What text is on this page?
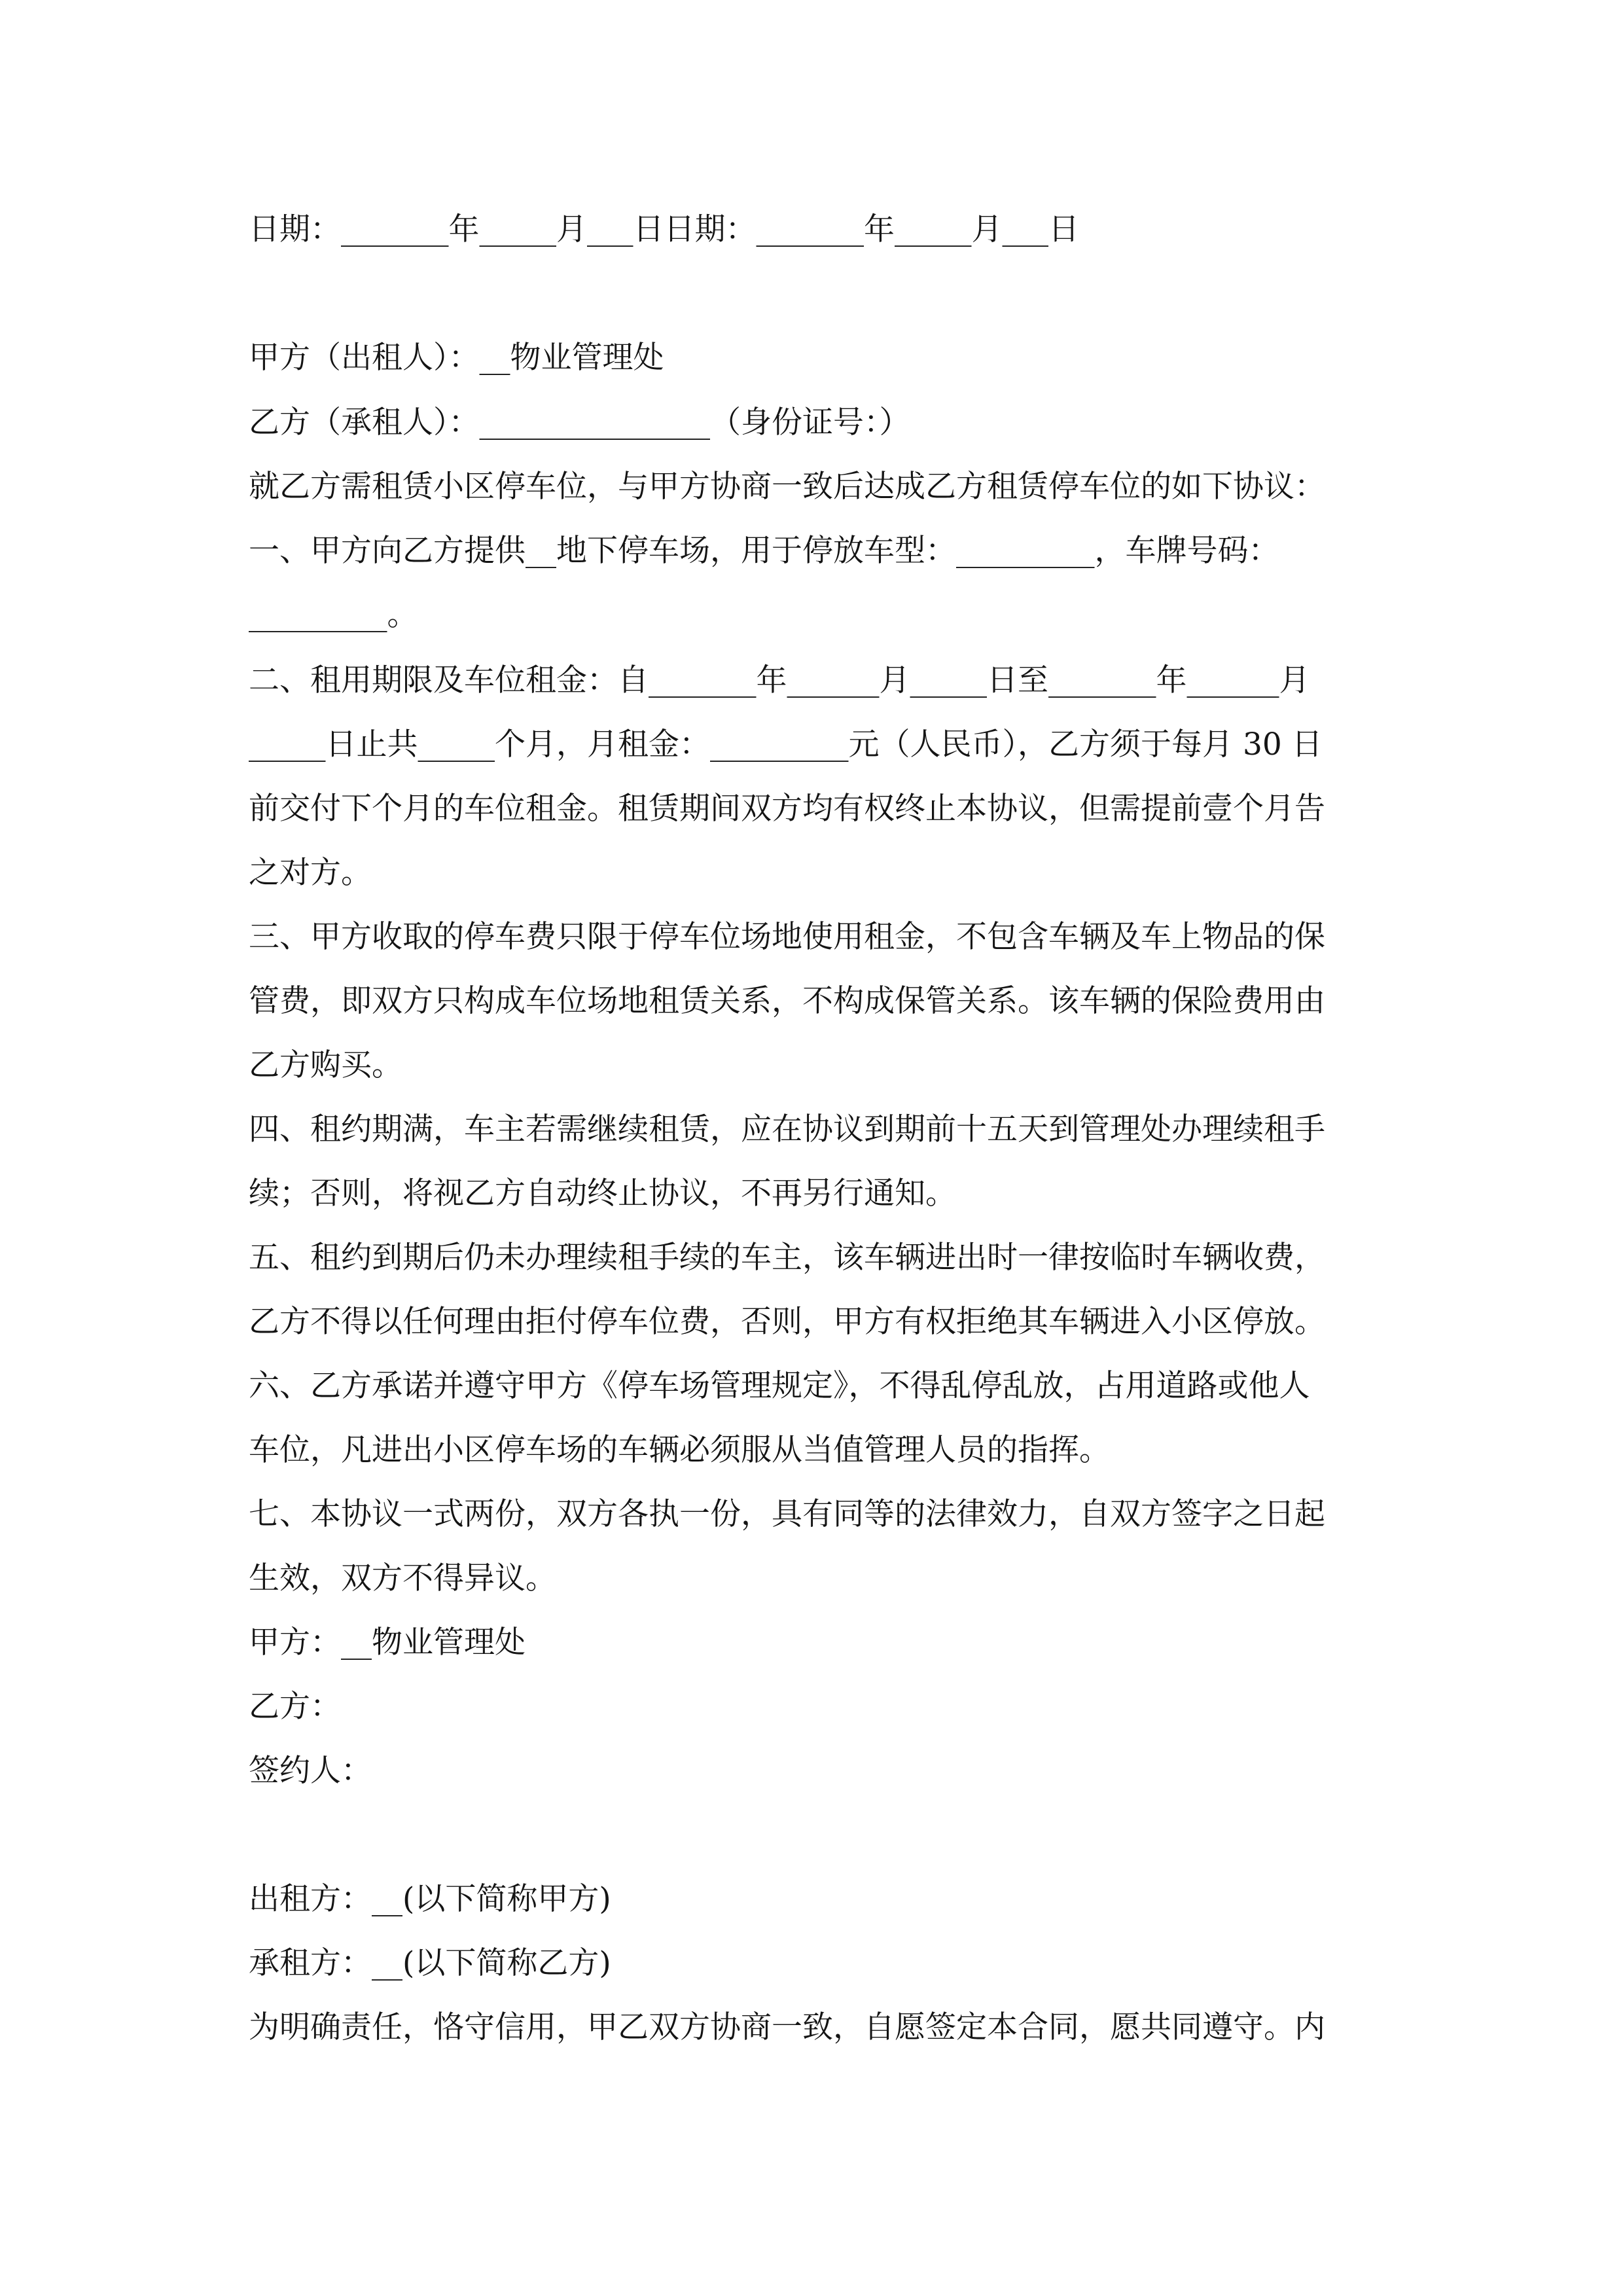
日期：_______年_____月___日日期：_______年_____月___日
甲方（出租人）：__物业管理处
乙方（承租人）：_______________（身份证号：）
就乙方需租赁小区停车位，与甲方协商一致后达成乙方租赁停车位的如下协议：
一、甲方向乙方提供__地下停车场，用于停放车型：_________，车牌号码：
_________。
二、租用期限及车位租金：自_______年______月_____日至_______年______月
_____日止共_____个月，月租金：_________元（人民币），乙方须于每月 30 日
前交付下个月的车位租金。租赁期间双方均有权终止本协议，但需提前壹个月告
之对方。
三、甲方收取的停车费只限于停车位场地使用租金，不包含车辆及车上物品的保
管费，即双方只构成车位场地租赁关系，不构成保管关系。该车辆的保险费用由
乙方购买。
四、租约期满，车主若需继续租赁，应在协议到期前十五天到管理处办理续租手
续；否则，将视乙方自动终止协议，不再另行通知。
五、租约到期后仍未办理续租手续的车主，该车辆进出时一律按临时车辆收费，
乙方不得以任何理由拒付停车位费，否则，甲方有权拒绝其车辆进入小区停放。
六、乙方承诺并遵守甲方《停车场管理规定》，不得乱停乱放，占用道路或他人
车位，凡进出小区停车场的车辆必须服从当值管理人员的指挥。
七、本协议一式两份，双方各执一份，具有同等的法律效力，自双方签字之日起
生效，双方不得异议。
甲方：__物业管理处
乙方：
签约人：
出租方：__(以下简称甲方)
承租方：__(以下简称乙方)
为明确责任，恪守信用，甲乙双方协商一致，自愿签定本合同，愿共同遵守。内
